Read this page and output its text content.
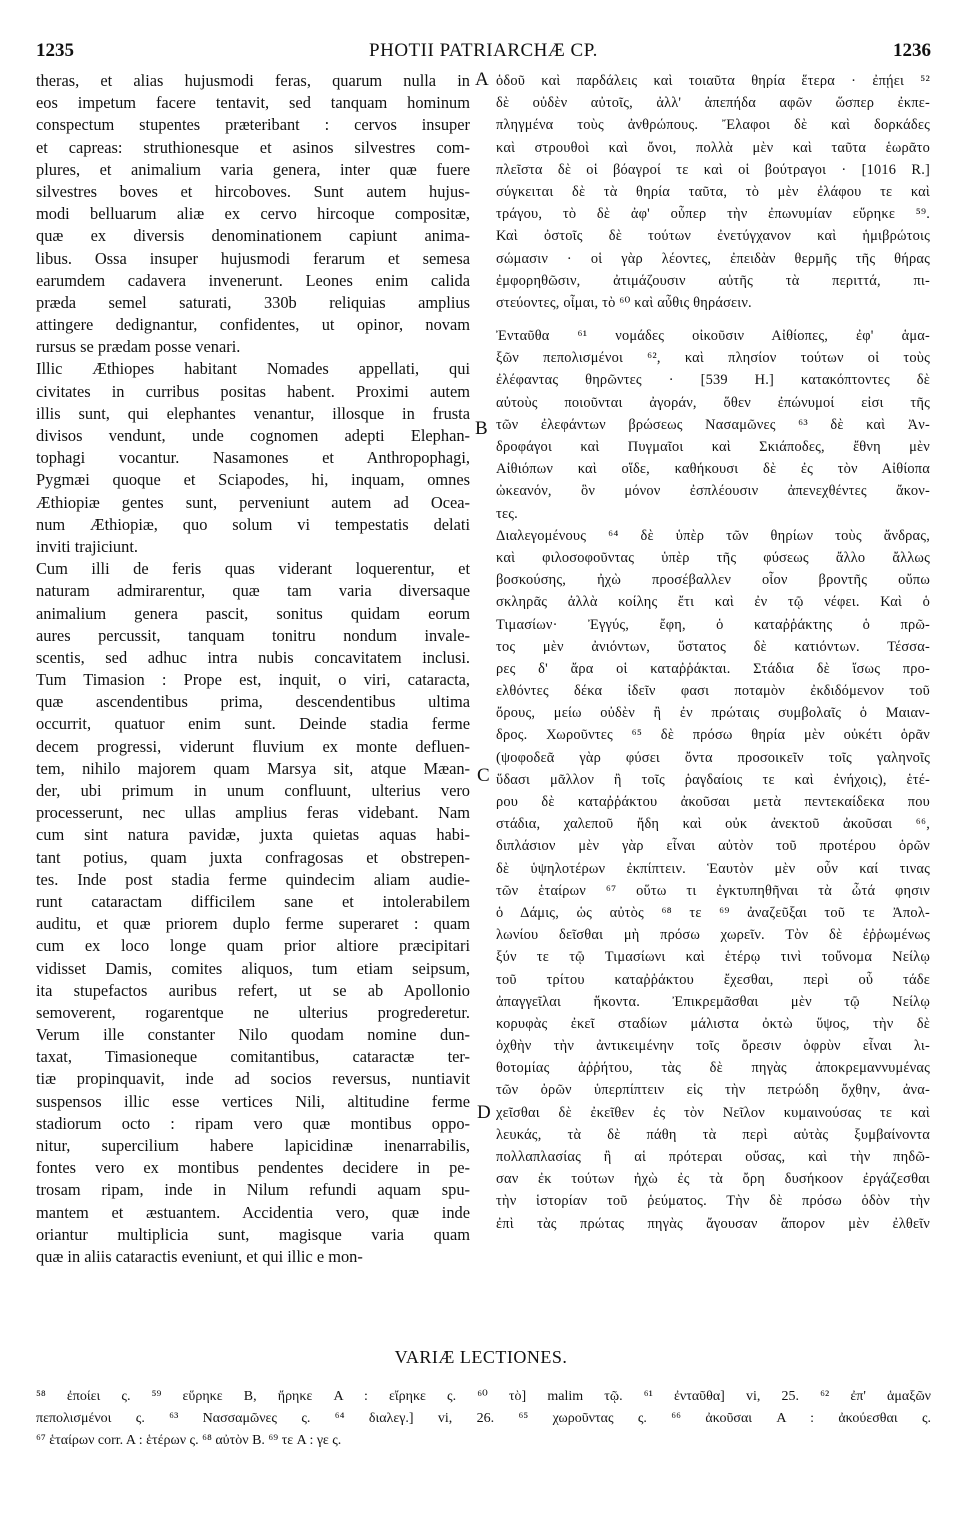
1235	PHOTII PATRIARCHÆ CP.	1236
theras, et alias hujusmodi feras, quarum nulla in
eos impetum facere tentavit, sed tanquam hominum
conspectum stupentes præteribant : cervos insuper
et capreas: struthionesque et asinos silvestres com-
plures, et animalium varia genera, inter quæ fuere
silvestres boves et hircoboves. Sunt autem hujus-
modi belluarum aliæ ex cervo hircoque compositæ,
quæ ex diversis denominationem capiunt anima-
libus. Ossa insuper hujusmodi ferarum et semesa
earumdem cadavera invenerunt. Leones enim calida
præda semel saturati, 330b reliquias amplius
attingere dedignantur, confidentes, ut opinor, novam
rursus se prædam posse venari.
Illic Æthiopes habitant Nomades appellati, qui
civitates in curribus positas habent. Proximi autem
illis sunt, qui elephantes venantur, illosque in frusta
divisos vendunt, unde cognomen adepti Elephan-
tophagi vocantur. Nasamones et Anthropophagi,
Pygmæi quoque et Sciapodes, hi, inquam, omnes
Æthiopiæ gentes sunt, perveniunt autem ad Ocea-
num Æthiopiæ, quo solum vi tempestatis delati
inviti trajiciunt.
Cum illi de feris quas viderant loquerentur, et
naturam admirarentur, quæ tam varia diversaque
animalium genera pascit, sonitus quidam eorum
aures percussit, tanquam tonitru nondum invale-
scentis, sed adhuc intra nubis concavitatem inclusi.
Tum Timasion : Prope est, inquit, o viri, cataracta,
quæ ascendentibus prima, descendentibus ultima
occurrit, quatuor enim sunt. Deinde stadia ferme
decem progressi, viderunt fluvium ex monte defluen-
tem, nihilo majorem quam Marsya sit, atque Mæan-
der, ubi primum in unum confluunt, ulterius vero
processerunt, nec ullas amplius feras videbant. Nam
cum sint natura pavidæ, juxta quietas aquas habi-
tant potius, quam juxta confragosas et obstrepen-
tes. Inde post stadia ferme quindecim aliam audie-
runt cataractam difficilem sane et intolerabilem
auditu, et quæ priorem duplo ferme superaret : quam
cum ex loco longe quam prior altiore præcipitari
vidisset Damis, comites aliquos, tum etiam seipsum,
ita stupefactos auribus refert, ut se ab Apollonio
semoverent, rogarentque ne ulterius progrederetur.
Verum ille constanter Nilo quodam nomine dun-
taxat, Timasioneque comitantibus, cataractæ ter-
tiæ propinquavit, inde ad socios reversus, nuntiavit
suspensos illic esse vertices Nili, altitudine ferme
stadiorum octo : ripam vero quæ montibus oppo-
nitur, supercilium habere lapicidinæ inenarrabilis,
fontes vero ex montibus pendentes decidere in pe-
trosam ripam, inde in Nilum refundi aquam spu-
mantem et æstuantem. Accidentia vero, quæ inde
oriantur multiplicia sunt, magisque varia quam
quæ in aliis cataractis eveniunt, et qui illic e mon-
ὁδοῦ καὶ παρδάλεις καὶ τοιαῦτα θηρία ἕτερα · ἐπῄει ⁵²
δὲ οὐδὲν αὐτοῖς, ἀλλ' ἀπεπήδα αφῶν ὥσπερ ἐκπε-
πληγμένα τοὺς ἀνθρώπους. Ἔλαφοι δὲ καὶ δορκάδες
καὶ στρουθοὶ καὶ ὄνοι, πολλὰ μὲν καὶ ταῦτα ἑωρᾶτο
πλεῖστα δὲ οἱ βόαγροί τε καὶ οἱ βούτραγοι · [1016 R.]
σύγκειται δὲ τὰ θηρία ταῦτα, τὸ μὲν ἐλάφου τε καὶ
τράγου, τὸ δὲ ἀφ' οὗπερ τὴν ἐπωνυμίαν εὕρηκε ⁵⁹.
Καὶ ὀστοῖς δὲ τούτων ἐνετύγχανον καὶ ἡμιβρώτοις
σώμασιν · οἱ γὰρ λέοντες, ἐπειδὰν θερμῆς τῆς θήρας
ἐμφορηθῶσιν, ἀτιμάζουσιν αὐτῆς τὰ περιττά, πι-
στεύοντες, οἶμαι, τὸ ⁶⁰ καὶ αὖθις θηράσειν.
Ἐνταῦθα ⁶¹ νομάδες οἰκοῦσιν Αἰθίοπες, ἐφ' ἁμα-
ξῶν πεπολισμένοι ⁶², καὶ πλησίον τούτων οἱ τοὺς
ἐλέφαντας θηρῶντες · [539 H.] κατακόπτοντες δὲ
αὐτοὺς ποιοῦνται ἀγοράν, ὅθεν ἐπώνυμοί εἰσι τῆς
τῶν ἐλεφάντων βρώσεως Νασαμῶνες ⁶³ δὲ καὶ Ἀν-
δροφάγοι καὶ Πυγμαῖοι καὶ Σκιάποδες, ἔθνη μὲν
Αἰθιόπων καὶ οἵδε, καθήκουσι δὲ ἐς τὸν Αἰθίοπα
ὠκεανόν, ὃν μόνον ἐσπλέουσιν ἀπενεχθέντες ἄκον-
τες.
Διαλεγομένους ⁶⁴ δὲ ὑπὲρ τῶν θηρίων τοὺς ἄνδρας,
καὶ φιλοσοφοῦντας ὑπὲρ τῆς φύσεως ἄλλο ἄλλως
βοσκούσης, ἠχὼ προσέβαλλεν οἷον βροντῆς οὔπω
σκληρᾶς ἀλλὰ κοίλης ἔτι καὶ ἐν τῷ νέφει. Καὶ ὁ
Τιμασίων· Ἐγγύς, ἔφη, ὁ καταῤῥάκτης ὁ πρῶ-
τος μὲν ἀνιόντων, ὕστατος δὲ κατιόντων. Τέσσα-
ρες δ' ἄρα οἱ καταῤῥάκται. Στάδια δὲ ἴσως προ-
ελθόντες δέκα ἰδεῖν φασι ποταμὸν ἐκδιδόμενον τοῦ
ὄρους, μείω οὐδὲν ἢ ἐν πρώταις συμβολαῖς ὁ Μαιαν-
δρος. Χωροῦντες ⁶⁵ δὲ πρόσω θηρία μὲν οὐκέτι ὁρᾶν
(ψοφοδεᾶ γὰρ φύσει ὄντα προσοικεῖν τοῖς γαληνοῖς
ὕδασι μᾶλλον ἢ τοῖς ῥαγδαίοις τε καὶ ἐνήχοις), ἑτέ-
ρου δὲ καταῤῥάκτου ἀκοῦσαι μετὰ πεντεκαίδεκα που
στάδια, χαλεποῦ ἤδη καὶ οὐκ ἀνεκτοῦ ἀκοῦσαι ⁶⁶,
διπλάσιον μὲν γὰρ εἶναι αὐτὸν τοῦ προτέρου ὁρῶν
δὲ ὑψηλοτέρων ἐκπίπτειν. Ἑαυτὸν μὲν οὖν καί τινας
τῶν ἑταίρων ⁶⁷ οὕτω τι ἐγκτυπηθῆναι τὰ ὦτά φησιν
ὁ Δάμις, ὡς αὐτὸς ⁶⁸ τε ⁶⁹ ἀναζεῦξαι τοῦ τε Ἀπολ-
λωνίου δεῖσθαι μὴ πρόσω χωρεῖν. Τὸν δὲ ἐῤῥωμένως
ξύν τε τῷ Τιμασίωνι καὶ ἑτέρῳ τινὶ τοὔνομα Νείλῳ
τοῦ τρίτου καταῤῥάκτου ἔχεσθαι, περὶ οὗ τάδε
ἀπαγγεῖλαι ἥκοντα. Ἐπικρεμᾶσθαι μὲν τῷ Νείλῳ
κορυφὰς ἐκεῖ σταδίων μάλιστα ὀκτὼ ὕψος, τὴν δὲ
ὀχθὴν τὴν ἀντικειμένην τοῖς ὄρεσιν ὀφρὺν εἶναι λι-
θοτομίας ἀῤῥήτου, τὰς δὲ πηγὰς ἀποκρεμαννυμένας
τῶν ὀρῶν ὑπερπίπτειν εἰς τὴν πετρώδη ὄχθην, ἀνα-
χεῖσθαι δὲ ἐκεῖθεν ἐς τὸν Νεῖλον κυμαινούσας τε καὶ
λευκάς, τὰ δὲ πάθη τὰ περὶ αὐτὰς ξυμβαίνοντα
πολλαπλασίας ἢ αἱ πρότεραι οὔσας, καὶ τὴν πηδῶ-
σαν ἐκ τούτων ἠχὼ ἐς τὰ ὄρη δυσήκοον ἐργάζεσθαι
τὴν ἱστορίαν τοῦ ῥεύματος. Τὴν δὲ πρόσω ὁδὸν τὴν
ἐπὶ τὰς πρώτας πηγὰς ἄγουσαν ἄπορον μὲν ἐλθεῖν
A
B
C
D
VARIÆ LECTIONES.
⁵⁸ ἐποίει ς. ⁵⁹ εὕρηκε B, ἤρηκε A : εἴρηκε ς. ⁶⁰ τὸ] malim τῷ. ⁶¹ ἐνταῦθα] vi, 25. ⁶² ἐπ' ἁμαξῶν
πεπολισμένοι ς. ⁶³ Νασσαμῶνες ς. ⁶⁴ διαλεγ.] vi, 26. ⁶⁵ χωροῦντας ς. ⁶⁶ ἀκοῦσαι A : ἀκούεσθαι ς.
⁶⁷ ἑταίρων corr. A : ἑτέρων ς. ⁶⁸ αὐτὸν B. ⁶⁹ τε A : γε ς.
